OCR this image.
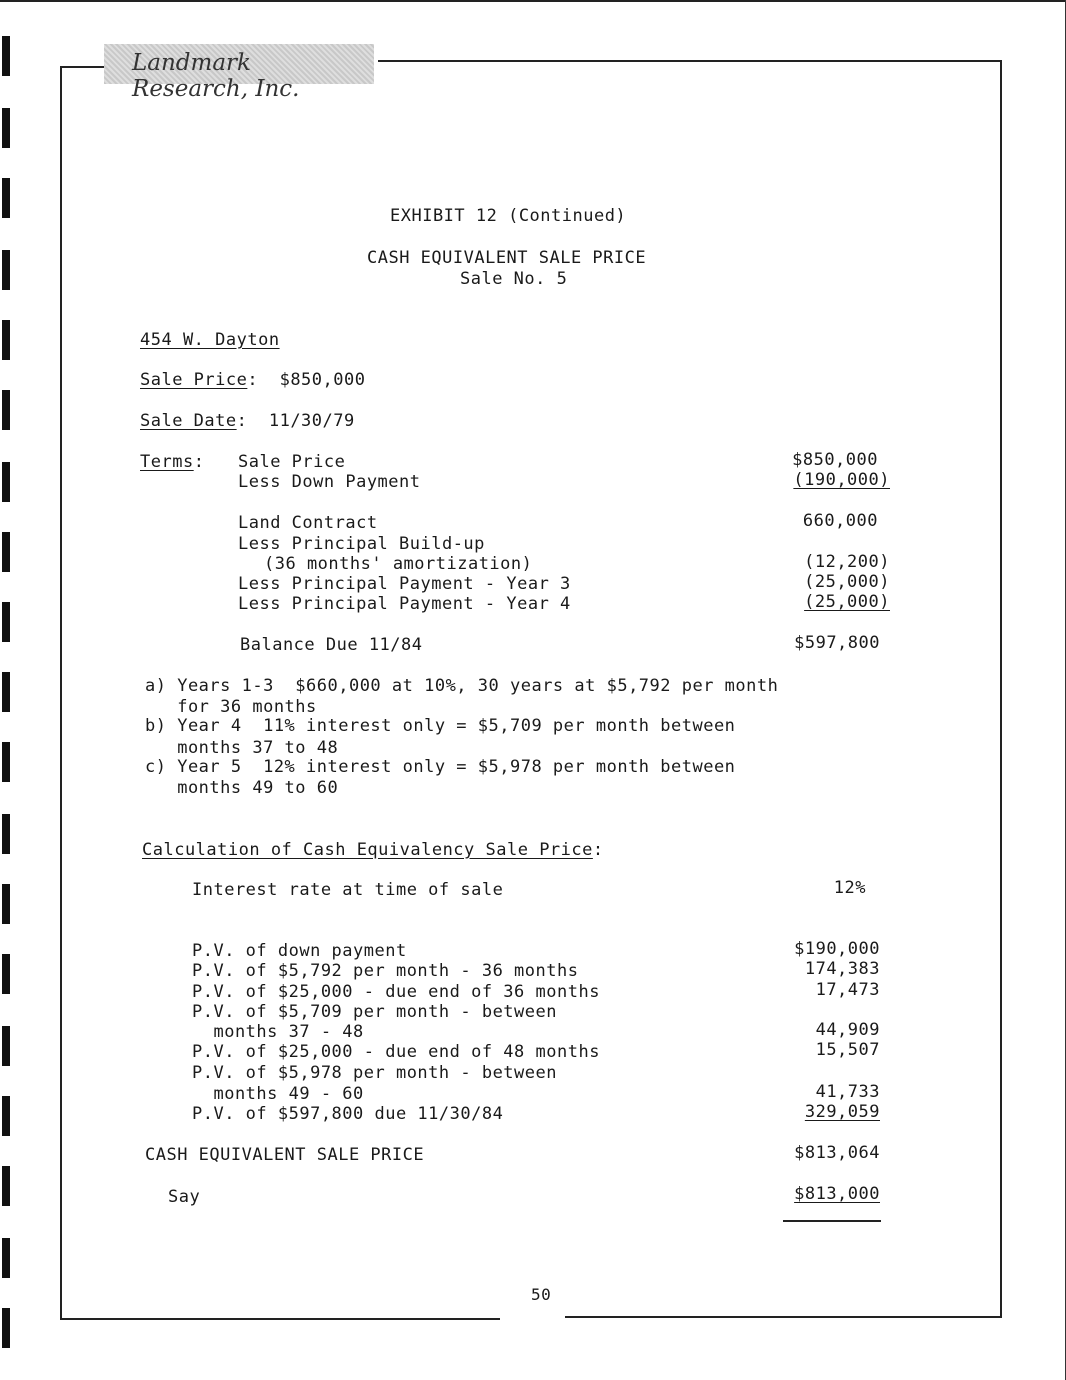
Landmark Research, Inc.
EXHIBIT 12 (Continued)
CASH EQUIVALENT SALE PRICE
Sale No. 5
454 W. Dayton
Sale Price:  $850,000
Sale Date:  11/30/79
Terms: Sale Price	$850,000
Less Down Payment	(190,000)
Land Contract	660,000
Less Principal Build-up
(36 months' amortization)	(12,200)
Less Principal Payment - Year 3	(25,000)
Less Principal Payment - Year 4	(25,000)
Balance Due 11/84	$597,800
a) Years 1-3  $660,000 at 10%, 30 years at $5,792 per month
for 36 months
b) Year 4  11% interest only = $5,709 per month between
months 37 to 48
c) Year 5  12% interest only = $5,978 per month between
months 49 to 60
Calculation of Cash Equivalency Sale Price:
Interest rate at time of sale	12%
P.V. of down payment	$190,000
P.V. of $5,792 per month - 36 months	174,383
P.V. of $25,000 - due end of 36 months	17,473
P.V. of $5,709 per month - between
months 37 - 48	44,909
P.V. of $25,000 - due end of 48 months	15,507
P.V. of $5,978 per month - between
months 49 - 60	41,733
P.V. of $597,800 due 11/30/84	329,059
CASH EQUIVALENT SALE PRICE	$813,064
Say	$813,000
50
